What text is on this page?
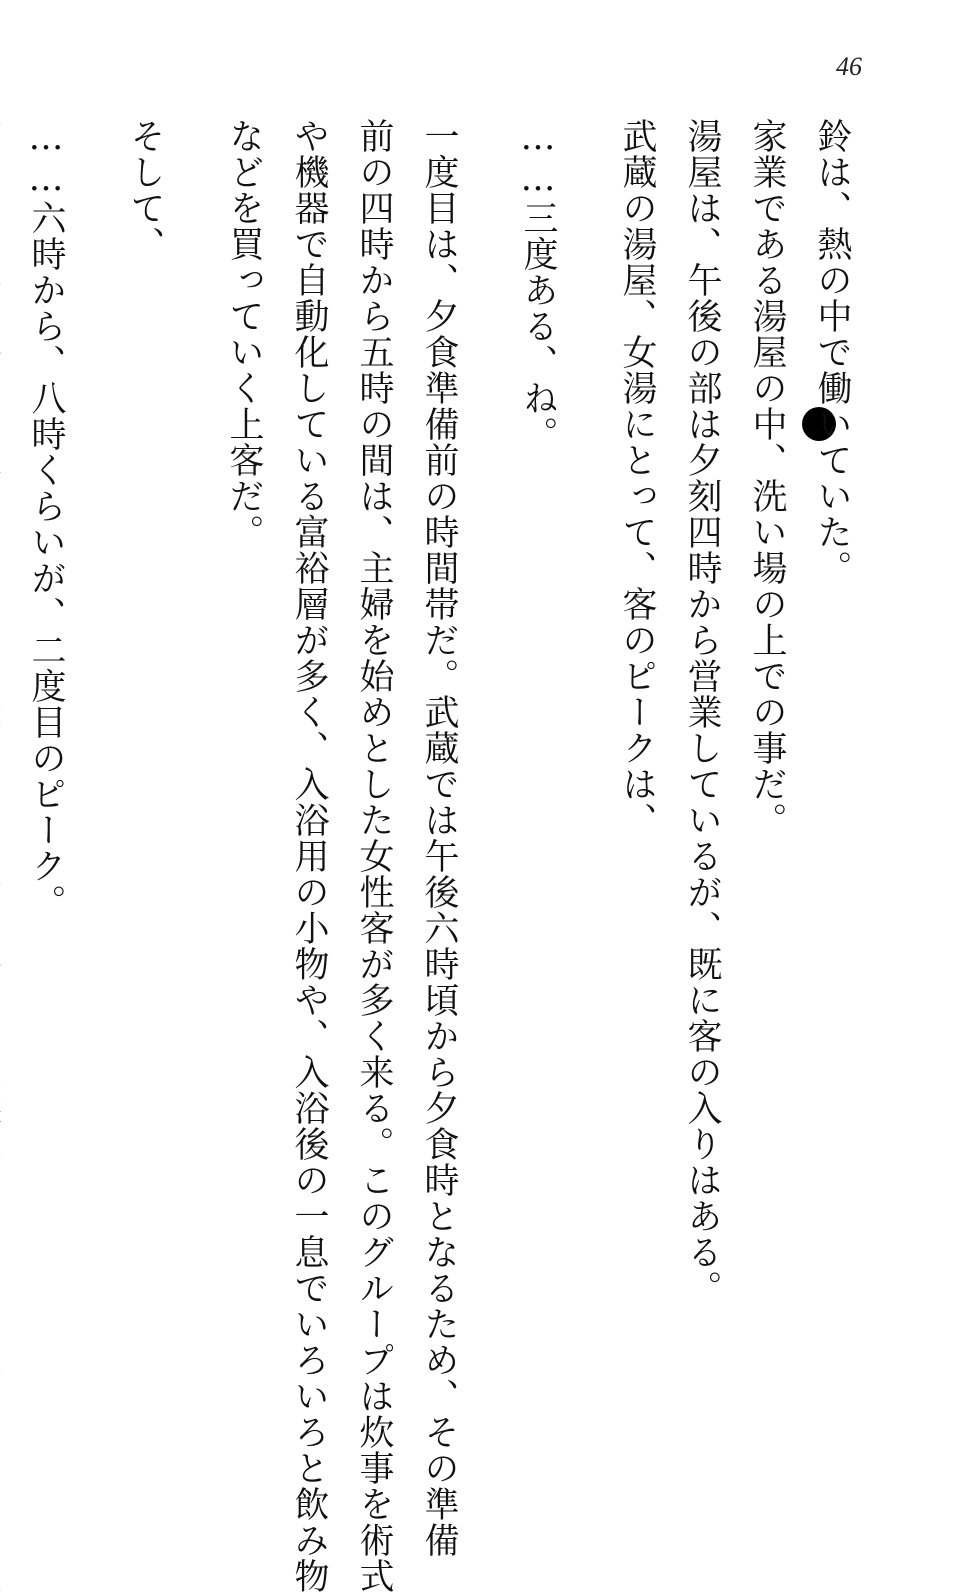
46
鈴は、熱の中で働いていた。
家業である湯屋の中、洗い場の上での事だ。
湯屋は、午後の部は夕刻四時から営業しているが、既に客の入りはある。
武蔵の湯屋、女湯にとって、客のピークは、
……三度ある、ね。
一度目は、夕食準備前の時間帯だ。武蔵では午後六時頃から夕食時となるため、その準備
前の四時から五時の間は、主婦を始めとした女性客が多く来る。このグループは炊事を術式
や機器で自動化している富裕層が多く、入浴用の小物や、入浴後の一息でいろいろと飲み物
などを買っていく上客だ。
そして、
……六時から、八時くらいが、二度目のピーク。
